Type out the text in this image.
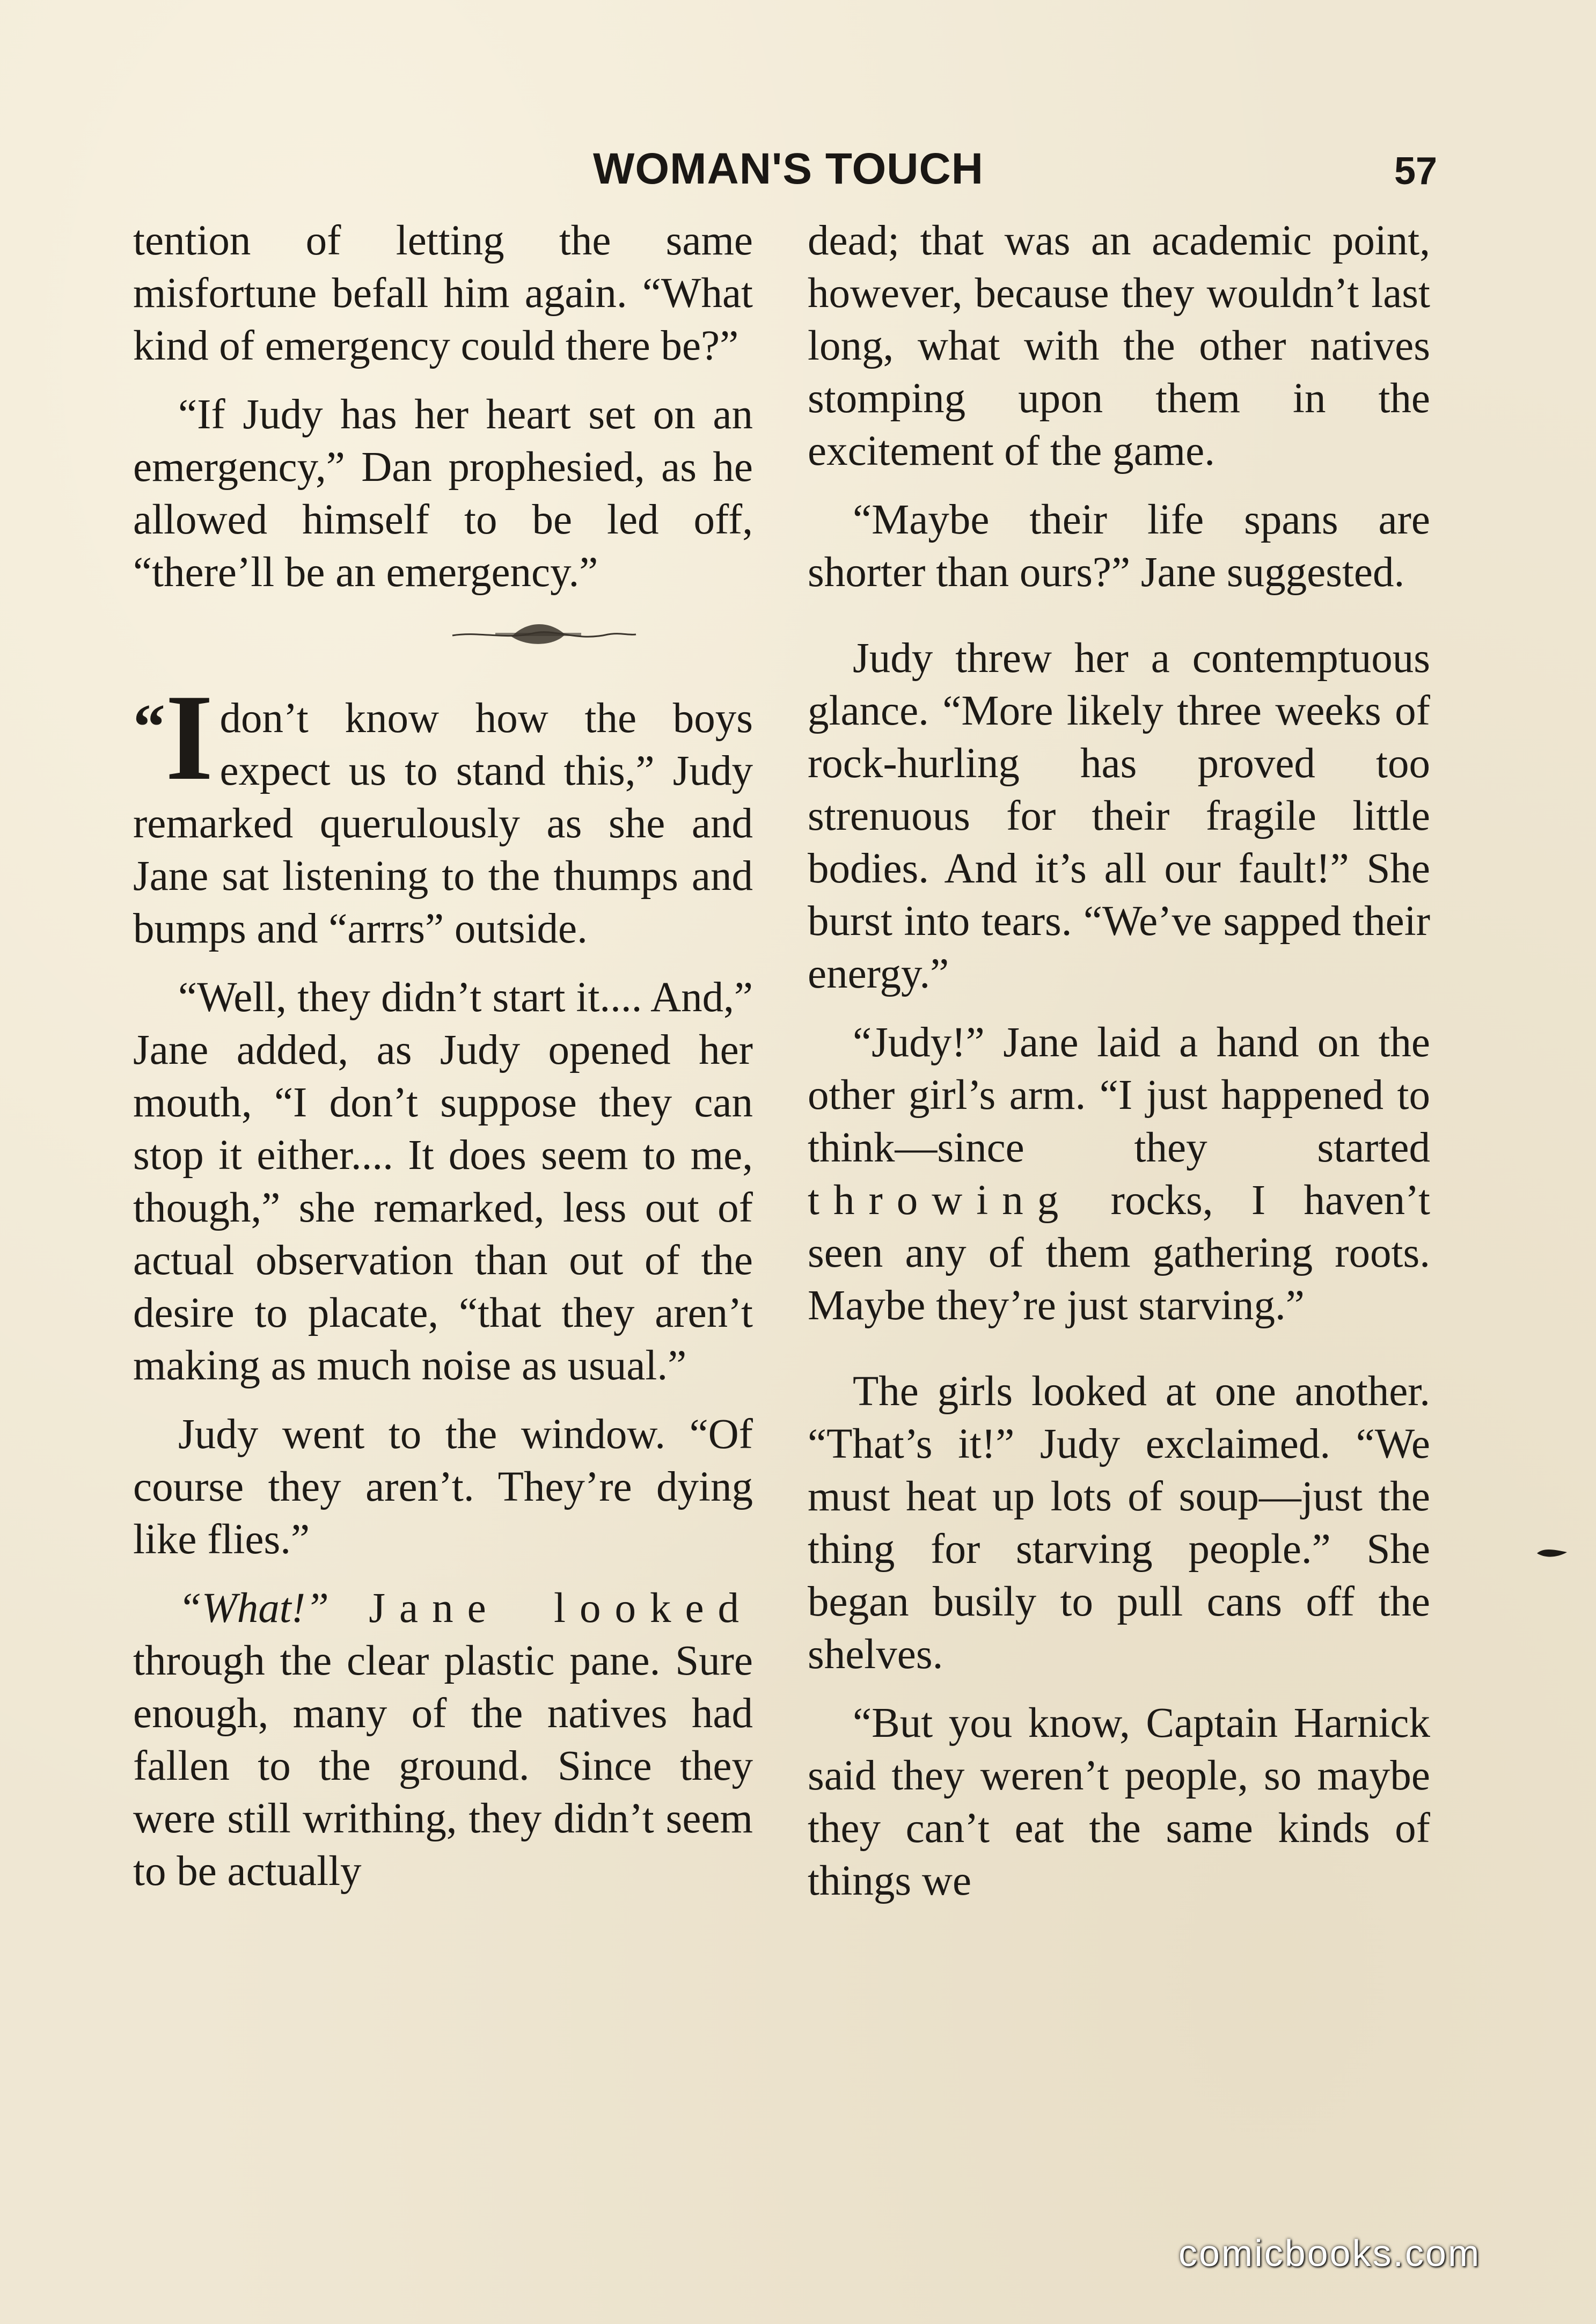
WOMAN'S TOUCH	57

tention of letting the same misfortune befall him again. “What kind of emergency could there be?”

“If Judy has her heart set on an emergency,” Dan prophesied, as he allowed himself to be led off, “there’ll be an emergency.”

“I don’t know how the boys expect us to stand this,” Judy remarked querulously as she and Jane sat listening to the thumps and bumps and “arrrs” outside.

“Well, they didn’t start it.... And,” Jane added, as Judy opened her mouth, “I don’t suppose they can stop it either.... It does seem to me, though,” she remarked, less out of actual observation than out of the desire to placate, “that they aren’t making as much noise as usual.”

Judy went to the window. “Of course they aren’t. They’re dying like flies.”

“What!” Jane looked through the clear plastic pane. Sure enough, many of the natives had fallen to the ground. Since they were still writhing, they didn’t seem to be actually

dead; that was an academic point, however, because they wouldn’t last long, what with the other natives stomping upon them in the excitement of the game.

“Maybe their life spans are shorter than ours?” Jane suggested.

Judy threw her a contemptuous glance. “More likely three weeks of rock-hurling has proved too strenuous for their fragile little bodies. And it’s all our fault!” She burst into tears. “We’ve sapped their energy.”

“Judy!” Jane laid a hand on the other girl’s arm. “I just happened to think—since they started throwing rocks, I haven’t seen any of them gathering roots. Maybe they’re just starving.”

The girls looked at one another. “That’s it!” Judy exclaimed. “We must heat up lots of soup—just the thing for starving people.” She began busily to pull cans off the shelves.

“But you know, Captain Harnick said they weren’t people, so maybe they can’t eat the same kinds of things we

comicbooks.com
